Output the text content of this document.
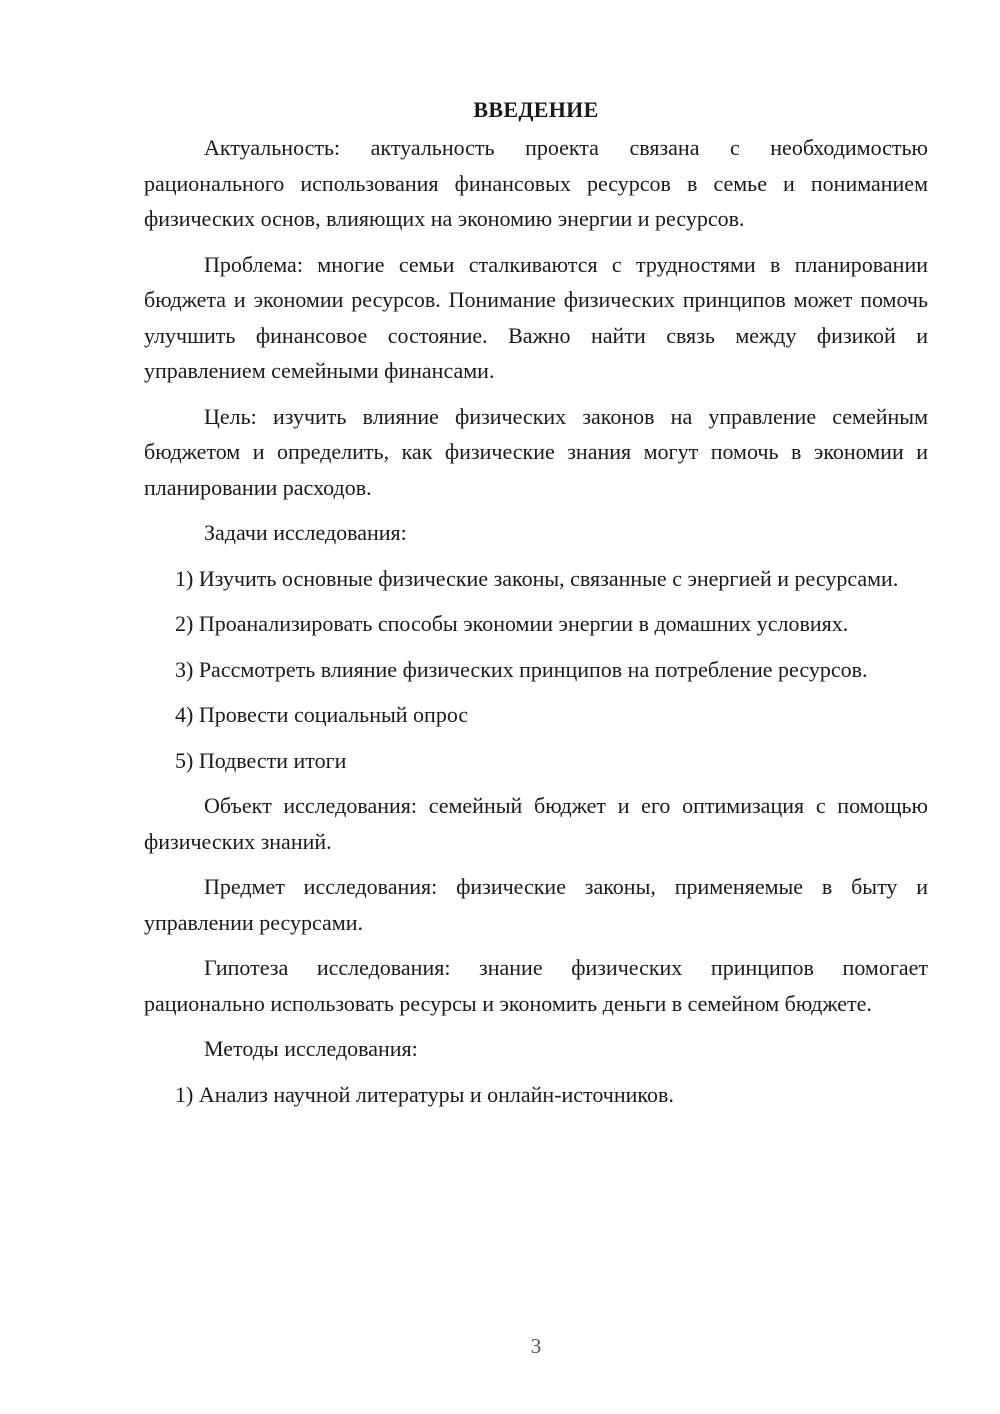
ВВЕДЕНИЕ

Актуальность: актуальность проекта связана с необходимостью рационального использования финансовых ресурсов в семье и пониманием физических основ, влияющих на экономию энергии и ресурсов.

Проблема: многие семьи сталкиваются с трудностями в планировании бюджета и экономии ресурсов. Понимание физических принципов может помочь улучшить финансовое состояние. Важно найти связь между физикой и управлением семейными финансами.

Цель: изучить влияние физических законов на управление семейным бюджетом и определить, как физические знания могут помочь в экономии и планировании расходов.

Задачи исследования:

1) Изучить основные физические законы, связанные с энергией и ресурсами.

2) Проанализировать способы экономии энергии в домашних условиях.

3) Рассмотреть влияние физических принципов на потребление ресурсов.

4) Провести социальный опрос

5) Подвести итоги

Объект исследования: семейный бюджет и его оптимизация с помощью физических знаний.

Предмет исследования: физические законы, применяемые в быту и управлении ресурсами.

Гипотеза исследования: знание физических принципов помогает рационально использовать ресурсы и экономить деньги в семейном бюджете.

Методы исследования:

1) Анализ научной литературы и онлайн-источников.

3
